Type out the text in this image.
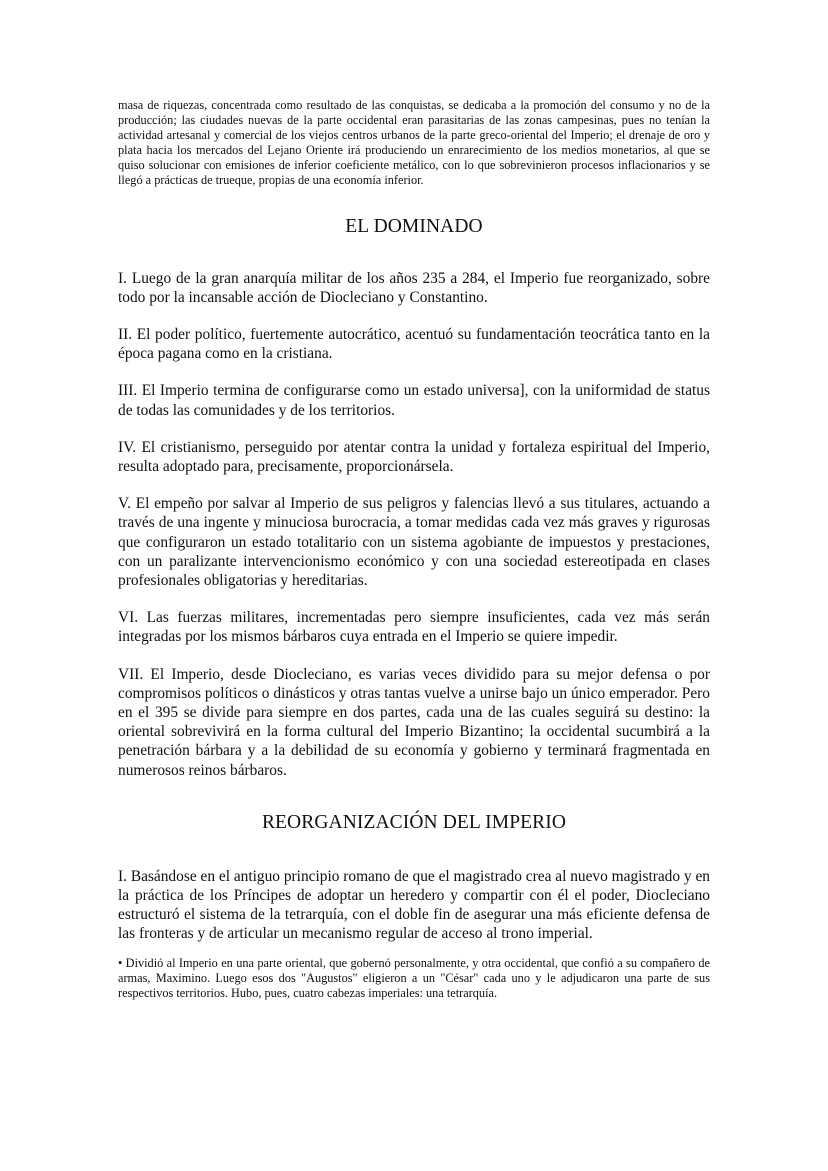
masa de riquezas, concentrada como resultado de las conquistas, se dedicaba a la promoción del consumo y no de la producción; las ciudades nuevas de la parte occidental eran parasitarias de las zonas campesinas, pues no tenían la actividad artesanal y comercial de los viejos centros urbanos de la parte greco-oriental del Imperio; el drenaje de oro y plata hacia los mercados del Lejano Oriente irá produciendo un enrarecimiento de los medios monetarios, al que se quiso solucionar con emisiones de inferior coeficiente metálico, con lo que sobrevinieron procesos inflacionarios y se llegó a prácticas de trueque, propias de una economía inferior.

EL DOMINADO

I. Luego de la gran anarquía militar de los años 235 a 284, el Imperio fue reorganizado, sobre todo por la incansable acción de Diocleciano y Constantino.

II. El poder político, fuertemente autocrático, acentuó su fundamentación teocrática tanto en la época pagana como en la cristiana.

III. El Imperio termina de configurarse como un estado universa], con la uniformidad de status de todas las comunidades y de los territorios.

IV. El cristianismo, perseguido por atentar contra la unidad y fortaleza espiritual del Imperio, resulta adoptado para, precisamente, proporcionársela.

V. El empeño por salvar al Imperio de sus peligros y falencias llevó a sus titulares, actuando a través de una ingente y minuciosa burocracia, a tomar medidas cada vez más graves y rigurosas que configuraron un estado totalitario con un sistema agobiante de impuestos y prestaciones, con un paralizante intervencionismo económico y con una sociedad estereotipada en clases profesionales obligatorias y hereditarias.

VI. Las fuerzas militares, incrementadas pero siempre insuficientes, cada vez más serán integradas por los mismos bárbaros cuya entrada en el Imperio se quiere impedir.

VII. El Imperio, desde Diocleciano, es varias veces dividido para su mejor defensa o por compromisos políticos o dinásticos y otras tantas vuelve a unirse bajo un único emperador. Pero en el 395 se divide para siempre en dos partes, cada una de las cuales seguirá su destino: la oriental sobrevivirá en la forma cultural del Imperio Bizantino; la occidental sucumbirá a la penetración bárbara y a la debilidad de su economía y gobierno y terminará fragmentada en numerosos reinos bárbaros.

REORGANIZACIÓN DEL IMPERIO

I. Basándose en el antiguo principio romano de que el magistrado crea al nuevo magistrado y en la práctica de los Príncipes de adoptar un heredero y compartir con él el poder, Diocleciano estructuró el sistema de la tetrarquía, con el doble fin de asegurar una más eficiente defensa de las fronteras y de articular un mecanismo regular de acceso al trono imperial.

• Dividió al Imperio en una parte oriental, que gobernó personalmente, y otra occidental, que confió a su compañero de armas, Maximino. Luego esos dos "Augustos" eligieron a un "César" cada uno y le adjudicaron una parte de sus respectivos territorios. Hubo, pues, cuatro cabezas imperiales: una tetrarquía.
